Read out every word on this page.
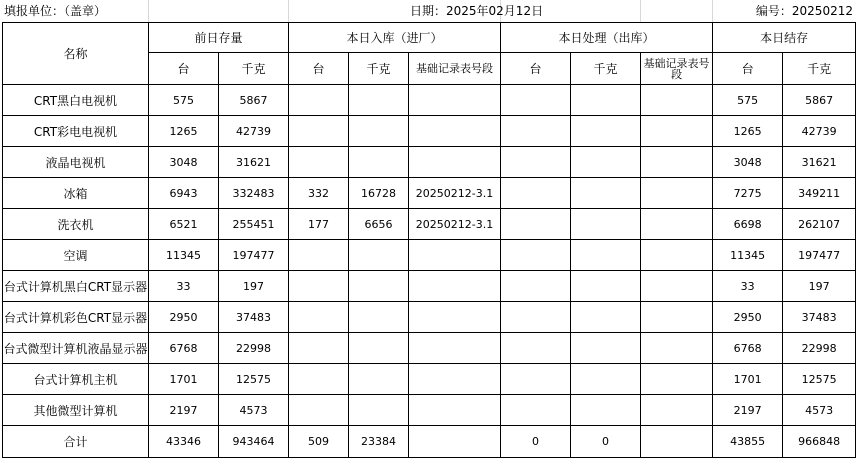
填报单位：（盖章）	日期：2025年02月12日	编号：20250212
名称	前日存量		本日入库（进厂）			本日处理（出库）			本日结存	
	台	千克	台	千克	基础记录表号段	台	千克	基础记录表号段	台	千克
CRT黑白电视机	575	5867							575	5867
CRT彩电电视机	1265	42739							1265	42739
液晶电视机	3048	31621							3048	31621
冰箱	6943	332483	332	16728	20250212-3.1				7275	349211
洗衣机	6521	255451	177	6656	20250212-3.1				6698	262107
空调	11345	197477							11345	197477
台式计算机黑白CRT显示器	33	197							33	197
台式计算机彩色CRT显示器	2950	37483							2950	37483
台式微型计算机液晶显示器	6768	22998							6768	22998
台式计算机主机	1701	12575							1701	12575
其他微型计算机	2197	4573							2197	4573
合计	43346	943464	509	23384		0	0		43855	966848
